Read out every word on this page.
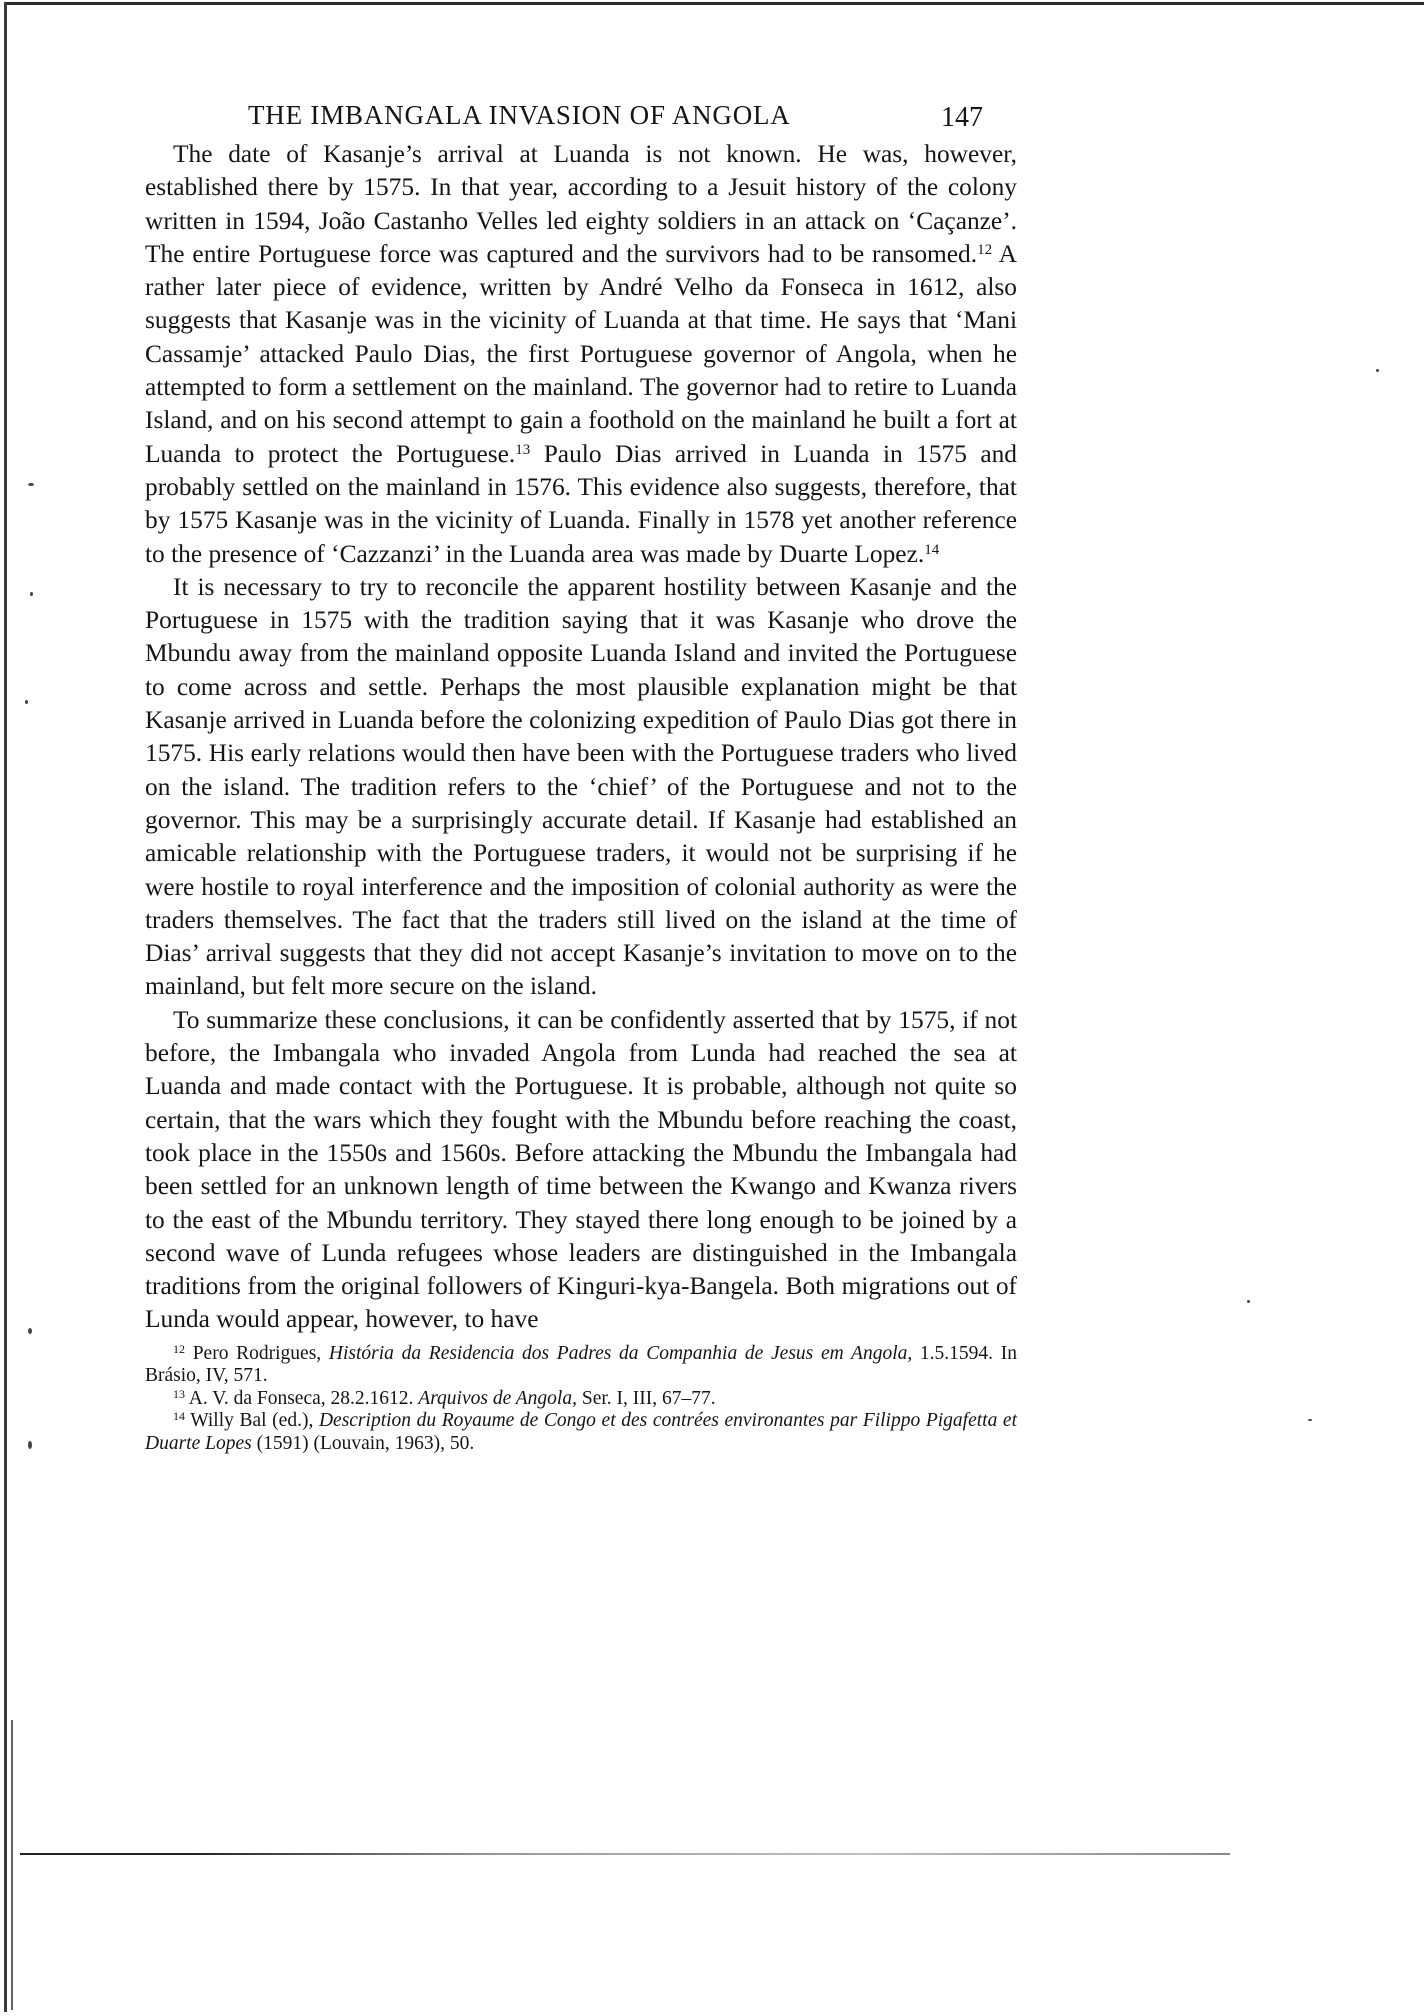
THE IMBANGALA INVASION OF ANGOLA	147

The date of Kasanje’s arrival at Luanda is not known. He was, however, established there by 1575. In that year, according to a Jesuit history of the colony written in 1594, João Castanho Velles led eighty soldiers in an attack on ‘Caçanze’. The entire Portuguese force was captured and the survivors had to be ransomed.$^{12}$ A rather later piece of evidence, written by André Velho da Fonseca in 1612, also suggests that Kasanje was in the vicinity of Luanda at that time. He says that ‘Mani Cassamje’ attacked Paulo Dias, the first Portuguese governor of Angola, when he attempted to form a settlement on the mainland. The governor had to retire to Luanda Island, and on his second attempt to gain a foothold on the mainland he built a fort at Luanda to protect the Portuguese.$^{13}$ Paulo Dias arrived in Luanda in 1575 and probably settled on the mainland in 1576. This evidence also suggests, therefore, that by 1575 Kasanje was in the vicinity of Luanda. Finally in 1578 yet another reference to the presence of ‘Cazzanzi’ in the Luanda area was made by Duarte Lopez.$^{14}$

It is necessary to try to reconcile the apparent hostility between Kasanje and the Portuguese in 1575 with the tradition saying that it was Kasanje who drove the Mbundu away from the mainland opposite Luanda Island and invited the Portuguese to come across and settle. Perhaps the most plausible explanation might be that Kasanje arrived in Luanda before the colonizing expedition of Paulo Dias got there in 1575. His early relations would then have been with the Portuguese traders who lived on the island. The tradition refers to the ‘chief’ of the Portuguese and not to the governor. This may be a surprisingly accurate detail. If Kasanje had established an amicable relationship with the Portuguese traders, it would not be surprising if he were hostile to royal interference and the imposition of colonial authority as were the traders themselves. The fact that the traders still lived on the island at the time of Dias’ arrival suggests that they did not accept Kasanje’s invitation to move on to the mainland, but felt more secure on the island.

To summarize these conclusions, it can be confidently asserted that by 1575, if not before, the Imbangala who invaded Angola from Lunda had reached the sea at Luanda and made contact with the Portuguese. It is probable, although not quite so certain, that the wars which they fought with the Mbundu before reaching the coast, took place in the 1550s and 1560s. Before attacking the Mbundu the Imbangala had been settled for an unknown length of time between the Kwango and Kwanza rivers to the east of the Mbundu territory. They stayed there long enough to be joined by a second wave of Lunda refugees whose leaders are distinguished in the Imbangala traditions from the original followers of Kinguri-kya-Bangela. Both migrations out of Lunda would appear, however, to have

$^{12}$ Pero Rodrigues, História da Residencia dos Padres da Companhia de Jesus em Angola, 1.5.1594. In Brásio, IV, 571.

$^{13}$ A. V. da Fonseca, 28.2.1612. Arquivos de Angola, Ser. I, III, 67–77.

$^{14}$ Willy Bal (ed.), Description du Royaume de Congo et des contrées environantes par Filippo Pigafetta et Duarte Lopes (1591) (Louvain, 1963), 50.
